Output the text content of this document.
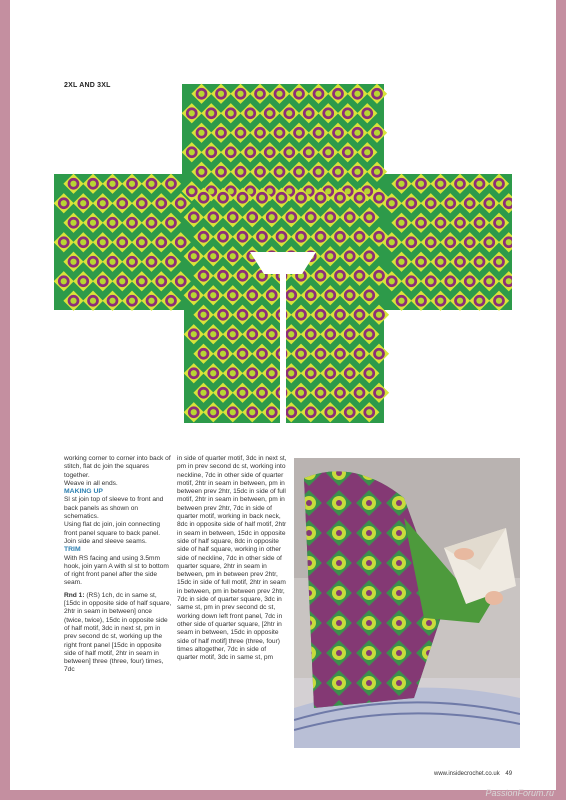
2XL AND 3XL

working corner to corner into back of stitch, flat dc join the squares together.

Weave in all ends.

MAKING UP

Sl st join top of sleeve to front and back panels as shown on schematics.

Using flat dc join, join connecting front panel square to back panel. Join side and sleeve seams.

TRIM

With RS facing and using 3.5mm hook, join yarn A with sl st to bottom of right front panel after the side seam.

Rnd 1: (RS) 1ch, dc in same st, [15dc in opposite side of half square, 2htr in seam in between] once (twice, twice), 15dc in opposite side of half motif, 3dc in next st, pm in prev second dc st, working up the right front panel [15dc in opposite side of half motif, 2htr in seam in between] three (three, four) times, 7dc

in side of quarter motif, 3dc in next st, pm in prev second dc st, working into neckline, 7dc in other side of quarter motif, 2htr in seam in between, pm in between prev 2htr, 15dc in side of full motif, 2htr in seam in between, pm in between prev 2htr, 7dc in side of quarter motif, working in back neck, 8dc in opposite side of half motif, 2htr in seam in between, 15dc in opposite side of half square, 8dc in opposite side of half square, working in other side of neckline, 7dc in other side of quarter square, 2htr in seam in between, pm in between prev 2htr, 15dc in side of full motif, 2htr in seam in between, pm in between prev 2htr, 7dc in side of quarter square, 3dc in same st, pm in prev second dc st, working down left front panel, 7dc in other side of quarter square, [2htr in seam in between, 15dc in opposite side of half motif] three (three, four) times altogether, 7dc in side of quarter motif, 3dc in same st, pm

www.insidecrochet.co.uk 49
PassionForum.ru
